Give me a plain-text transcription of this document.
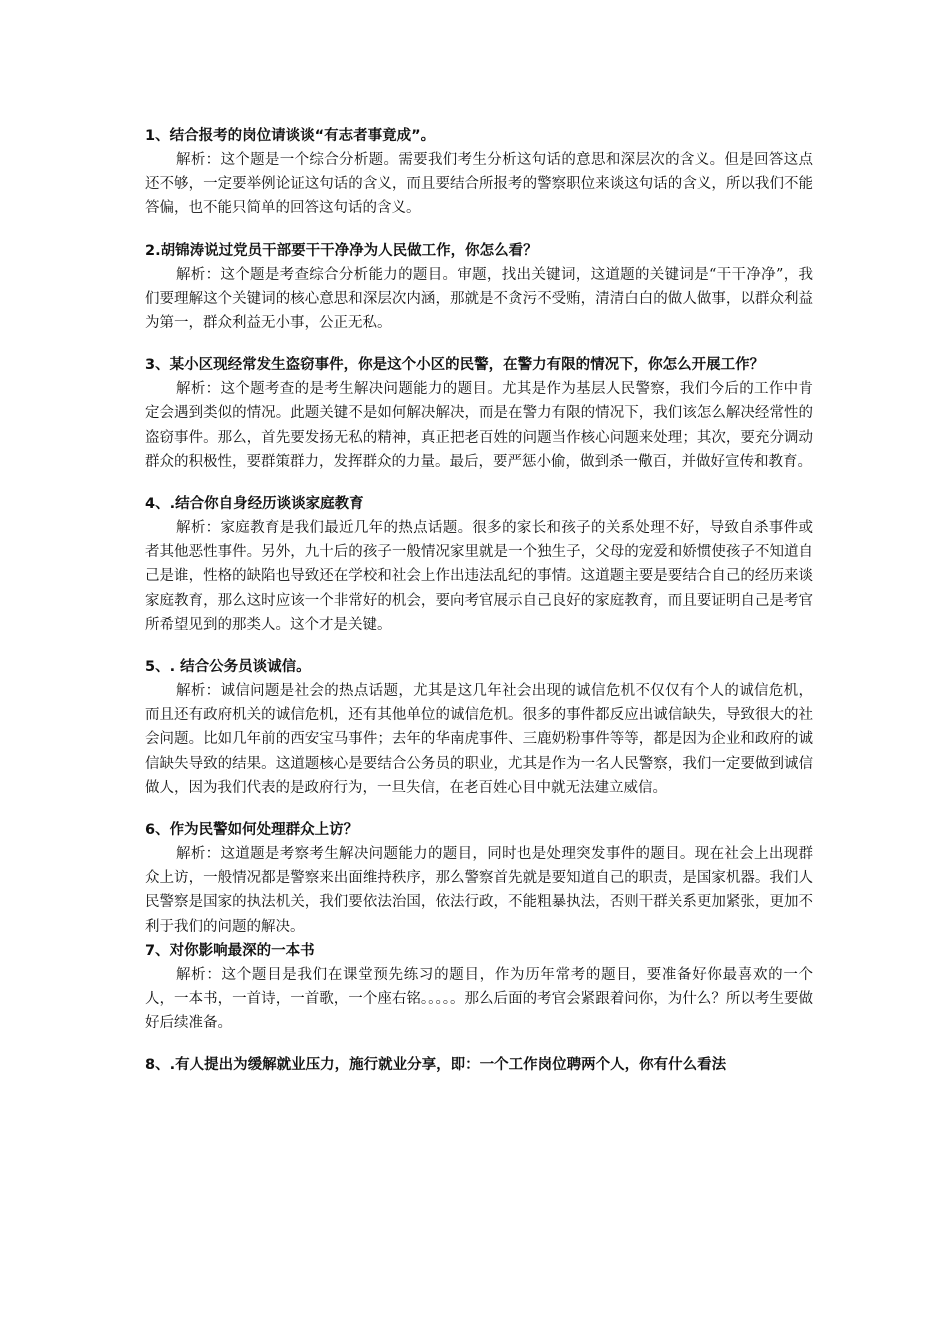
1、结合报考的岗位请谈谈“有志者事竟成”。

解析：这个题是一个综合分析题。需要我们考生分析这句话的意思和深层次的含义。但是回答这点还不够，一定要举例论证这句话的含义，而且要结合所报考的警察职位来谈这句话的含义，所以我们不能答偏，也不能只简单的回答这句话的含义。

2.胡锦涛说过党员干部要干干净净为人民做工作，你怎么看？

解析：这个题是考查综合分析能力的题目。审题，找出关键词，这道题的关键词是“干干净净”，我们要理解这个关键词的核心意思和深层次内涵，那就是不贪污不受贿，清清白白的做人做事，以群众利益为第一，群众利益无小事，公正无私。

3、某小区现经常发生盗窃事件，你是这个小区的民警，在警力有限的情况下，你怎么开展工作？

解析：这个题考查的是考生解决问题能力的题目。尤其是作为基层人民警察，我们今后的工作中肯定会遇到类似的情况。此题关键不是如何解决解决，而是在警力有限的情况下，我们该怎么解决经常性的盗窃事件。那么，首先要发扬无私的精神，真正把老百姓的问题当作核心问题来处理；其次，要充分调动群众的积极性，要群策群力，发挥群众的力量。最后，要严惩小偷，做到杀一儆百，并做好宣传和教育。

4、.结合你自身经历谈谈家庭教育

解析：家庭教育是我们最近几年的热点话题。很多的家长和孩子的关系处理不好，导致自杀事件或者其他恶性事件。另外，九十后的孩子一般情况家里就是一个独生子，父母的宠爱和娇惯使孩子不知道自己是谁，性格的缺陷也导致还在学校和社会上作出违法乱纪的事情。这道题主要是要结合自己的经历来谈家庭教育，那么这时应该一个非常好的机会，要向考官展示自己良好的家庭教育，而且要证明自己是考官所希望见到的那类人。这个才是关键。

5、. 结合公务员谈诚信。

解析：诚信问题是社会的热点话题，尤其是这几年社会出现的诚信危机不仅仅有个人的诚信危机，而且还有政府机关的诚信危机，还有其他单位的诚信危机。很多的事件都反应出诚信缺失，导致很大的社会问题。比如几年前的西安宝马事件；去年的华南虎事件、三鹿奶粉事件等等，都是因为企业和政府的诚信缺失导致的结果。这道题核心是要结合公务员的职业，尤其是作为一名人民警察，我们一定要做到诚信做人，因为我们代表的是政府行为，一旦失信，在老百姓心目中就无法建立威信。

6、作为民警如何处理群众上访？

解析：这道题是考察考生解决问题能力的题目，同时也是处理突发事件的题目。现在社会上出现群众上访，一般情况都是警察来出面维持秩序，那么警察首先就是要知道自己的职责，是国家机器。我们人民警察是国家的执法机关，我们要依法治国，依法行政，不能粗暴执法，否则干群关系更加紧张，更加不利于我们的问题的解决。

7、对你影响最深的一本书

解析：这个题目是我们在课堂预先练习的题目，作为历年常考的题目，要准备好你最喜欢的一个人，一本书，一首诗，一首歌，一个座右铭。。。。。那么后面的考官会紧跟着问你，为什么？所以考生要做好后续准备。

8、.有人提出为缓解就业压力，施行就业分享，即：一个工作岗位聘两个人，你有什么看法
